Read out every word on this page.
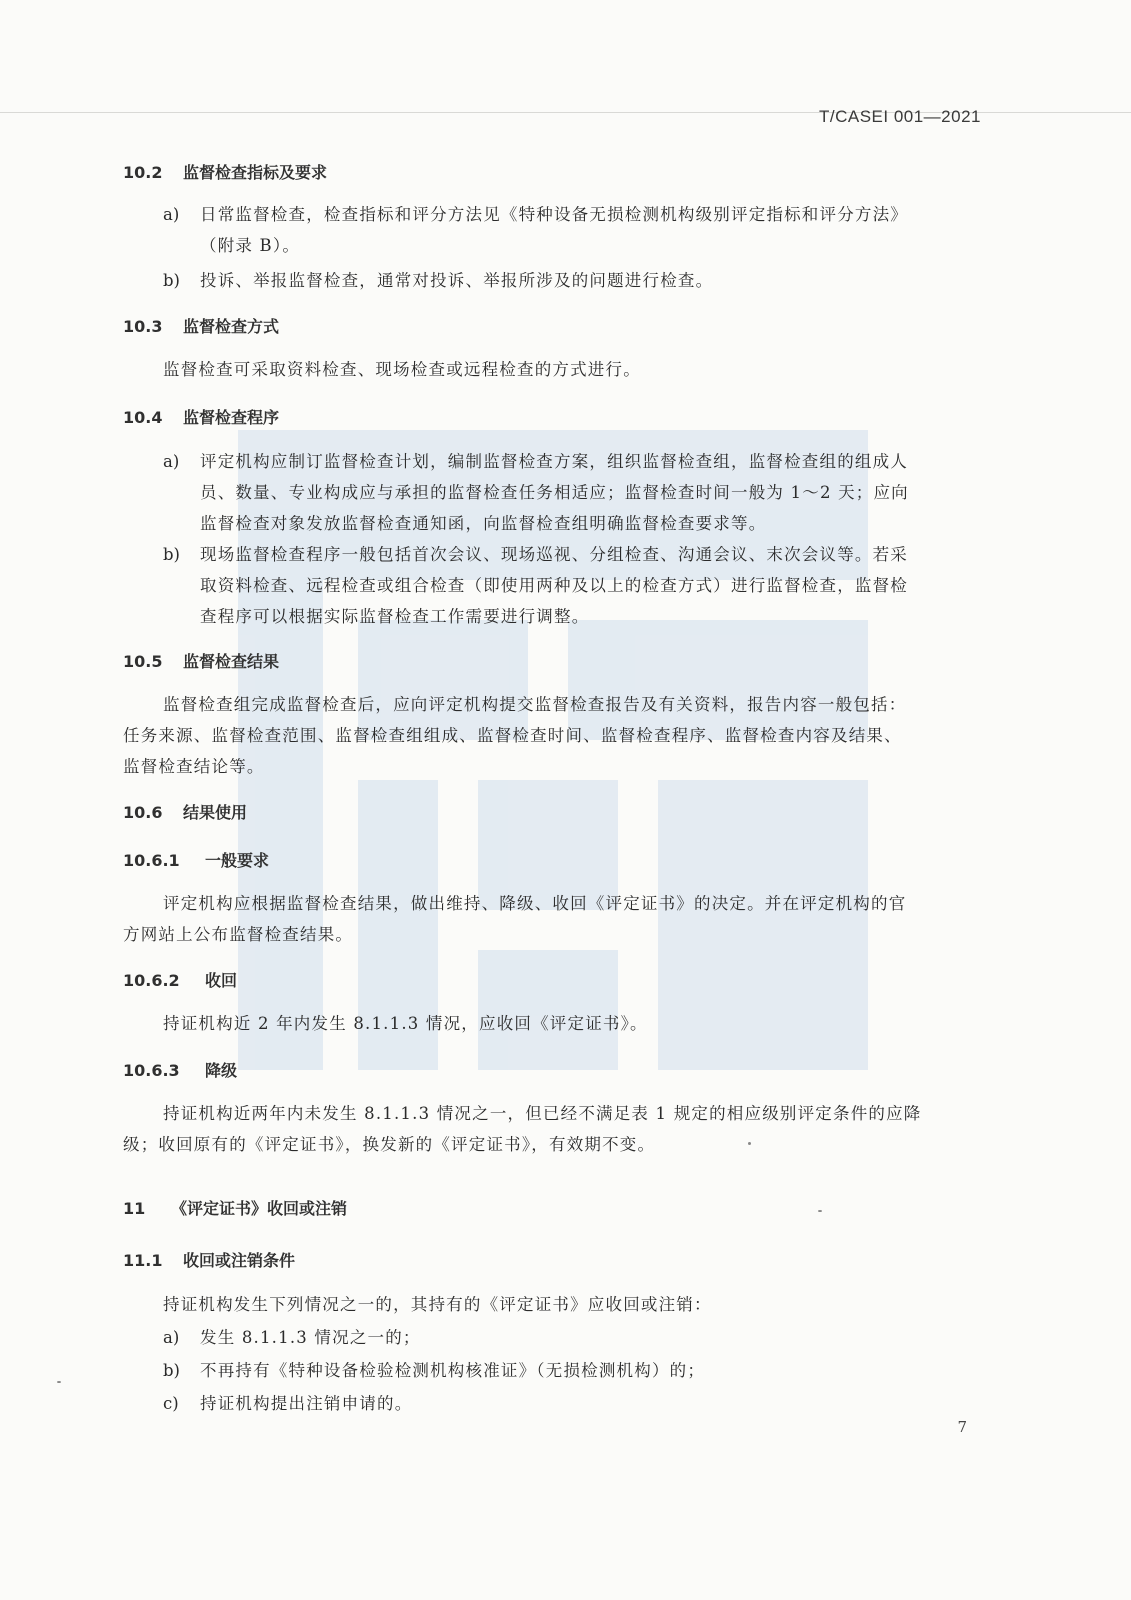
T/CASEI 001—2021
10.2 监督检查指标及要求
a) 日常监督检查，检查指标和评分方法见《特种设备无损检测机构级别评定指标和评分方法》
（附录 B）。
b) 投诉、举报监督检查，通常对投诉、举报所涉及的问题进行检查。
10.3 监督检查方式
监督检查可采取资料检查、现场检查或远程检查的方式进行。
10.4 监督检查程序
a) 评定机构应制订监督检查计划，编制监督检查方案，组织监督检查组，监督检查组的组成人
员、数量、专业构成应与承担的监督检查任务相适应；监督检查时间一般为 1～2 天；应向
监督检查对象发放监督检查通知函，向监督检查组明确监督检查要求等。
b) 现场监督检查程序一般包括首次会议、现场巡视、分组检查、沟通会议、末次会议等。若采
取资料检查、远程检查或组合检查（即使用两种及以上的检查方式）进行监督检查，监督检
查程序可以根据实际监督检查工作需要进行调整。
10.5 监督检查结果
监督检查组完成监督检查后，应向评定机构提交监督检查报告及有关资料，报告内容一般包括：
任务来源、监督检查范围、监督检查组组成、监督检查时间、监督检查程序、监督检查内容及结果、
监督检查结论等。
10.6 结果使用
10.6.1 一般要求
评定机构应根据监督检查结果，做出维持、降级、收回《评定证书》的决定。并在评定机构的官
方网站上公布监督检查结果。
10.6.2 收回
持证机构近 2 年内发生 8.1.1.3 情况，应收回《评定证书》。
10.6.3 降级
持证机构近两年内未发生 8.1.1.3 情况之一，但已经不满足表 1 规定的相应级别评定条件的应降
级；收回原有的《评定证书》，换发新的《评定证书》，有效期不变。
11 《评定证书》收回或注销
11.1 收回或注销条件
持证机构发生下列情况之一的，其持有的《评定证书》应收回或注销：
a) 发生 8.1.1.3 情况之一的；
b) 不再持有《特种设备检验检测机构核准证》（无损检测机构）的；
c) 持证机构提出注销申请的。
7
